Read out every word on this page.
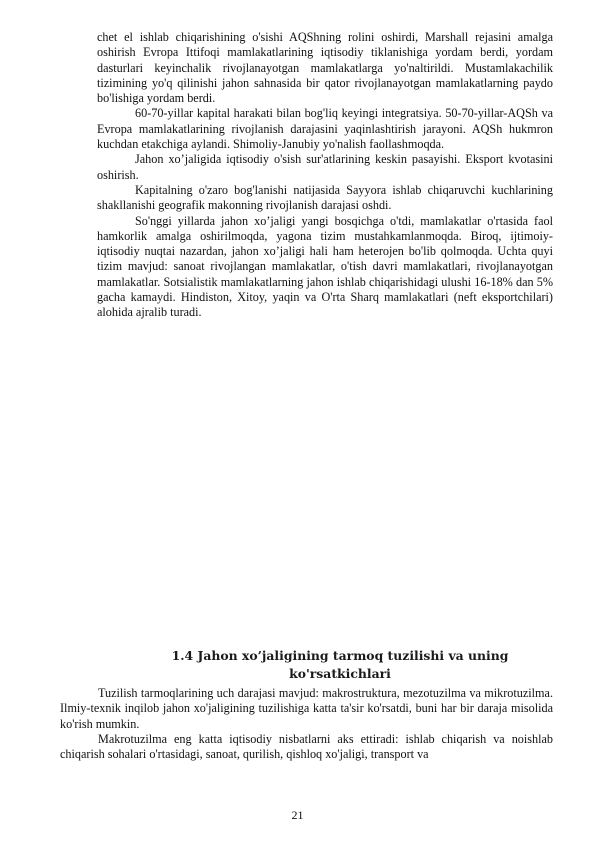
chet el ishlab chiqarishining o'sishi AQShning rolini oshirdi, Marshall rejasini amalga oshirish Evropa Ittifoqi mamlakatlarining iqtisodiy tiklanishiga yordam berdi, yordam dasturlari keyinchalik rivojlanayotgan mamlakatlarga yo'naltirildi. Mustamlakachilik tizimining yo'q qilinishi jahon sahnasida bir qator rivojlanayotgan mamlakatlarning paydo bo'lishiga yordam berdi.

60-70-yillar kapital harakati bilan bog'liq keyingi integratsiya. 50-70-yillar-AQSh va Evropa mamlakatlarining rivojlanish darajasini yaqinlashtirish jarayoni. AQSh hukmron kuchdan etakchiga aylandi. Shimoliy-Janubiy yo'nalish faollashmoqda.

Jahon xo’jaligida iqtisodiy o'sish sur'atlarining keskin pasayishi. Eksport kvotasini oshirish.

Kapitalning o'zaro bog'lanishi natijasida Sayyora ishlab chiqaruvchi kuchlarining shakllanishi geografik makonning rivojlanish darajasi oshdi.

So'nggi yillarda jahon xo’jaligi yangi bosqichga o'tdi, mamlakatlar o'rtasida faol hamkorlik amalga oshirilmoqda, yagona tizim mustahkamlanmoqda. Biroq, ijtimoiy-iqtisodiy nuqtai nazardan, jahon xo’jaligi hali ham heterojen bo'lib qolmoqda. Uchta quyi tizim mavjud: sanoat rivojlangan mamlakatlar, o'tish davri mamlakatlari, rivojlanayotgan mamlakatlar. Sotsialistik mamlakatlarning jahon ishlab chiqarishidagi ulushi 16-18% dan 5% gacha kamaydi. Hindiston, Xitoy, yaqin va O'rta Sharq mamlakatlari (neft eksportchilari) alohida ajralib turadi.

1.4 Jahon xo’jaligining tarmoq tuzilishi va uning ko'rsatkichlari

Tuzilish tarmoqlarining uch darajasi mavjud: makrostruktura, mezotuzilma va mikrotuzilma. Ilmiy-texnik inqilob jahon xo'jaligining tuzilishiga katta ta'sir ko'rsatdi, buni har bir daraja misolida ko'rish mumkin.

Makrotuzilma eng katta iqtisodiy nisbatlarni aks ettiradi: ishlab chiqarish va noishlab chiqarish sohalari o'rtasidagi, sanoat, qurilish, qishloq xo'jaligi, transport va

21
